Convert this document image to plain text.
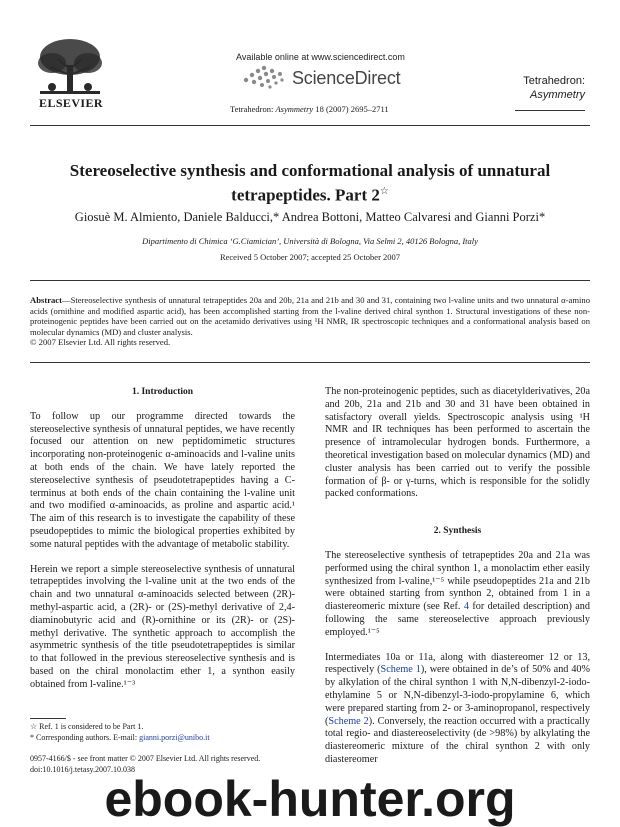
ELSEVIER
Available online at www.sciencedirect.com
ScienceDirect
Tetrahedron: Asymmetry 18 (2007) 2695–2711
Tetrahedron:
Asymmetry
Stereoselective synthesis and conformational analysis of unnatural
tetrapeptides. Part 2☆
Giosuè M. Almiento, Daniele Balducci,* Andrea Bottoni, Matteo Calvaresi and Gianni Porzi*
Dipartimento di Chimica ‘G.Ciamician’, Università di Bologna, Via Selmi 2, 40126 Bologna, Italy
Received 5 October 2007; accepted 25 October 2007
Abstract—Stereoselective synthesis of unnatural tetrapeptides 20a and 20b, 21a and 21b and 30 and 31, containing two l-valine units and two unnatural α-amino acids (ornithine and modified aspartic acid), has been accomplished starting from the l-valine derived chiral synthon 1. Structural investigations of these non-proteinogenic peptides have been carried out on the acetamido derivatives using ¹H NMR, IR spectroscopic techniques and a conformational analysis based on molecular dynamics (MD) and cluster analysis.
© 2007 Elsevier Ltd. All rights reserved.

1. Introduction

To follow up our programme directed towards the stereoselective synthesis of unnatural peptides, we have recently focused our attention on new peptidomimetic structures incorporating non-proteinogenic α-aminoacids and l-valine units at both ends of the chain. We have lately reported the stereoselective synthesis of pseudotetrapeptides having a C-terminus at both ends of the chain containing the l-valine unit and two modified α-aminoacids, as proline and aspartic acid.¹ The aim of this research is to investigate the capability of these pseudopeptides to mimic the biological properties exhibited by some natural peptides with the advantage of metabolic stability.

Herein we report a simple stereoselective synthesis of unnatural tetrapeptides involving the l-valine unit at the two ends of the chain and two unnatural α-aminoacids selected between (2R)-methyl-aspartic acid, a (2R)- or (2S)-methyl derivative of 2,4-diaminobutyric acid and (R)-ornithine or its (2R)- or (2S)-methyl derivative. The synthetic approach to accomplish the asymmetric synthesis of the title pseudotetrapeptides is similar to that followed in the previous stereoselective synthesis and is based on the chiral monolactim ether 1, a synthon easily obtained from l-valine.¹⁻³

The non-proteinogenic peptides, such as diacetylderivatives, 20a and 20b, 21a and 21b and 30 and 31 have been obtained in satisfactory overall yields. Spectroscopic analysis using ¹H NMR and IR techniques has been performed to ascertain the presence of intramolecular hydrogen bonds. Furthermore, a theoretical investigation based on molecular dynamics (MD) and cluster analysis has been carried out to verify the possible formation of β- or γ-turns, which is responsible for the solidly packed conformations.

2. Synthesis

The stereoselective synthesis of tetrapeptides 20a and 21a was performed using the chiral synthon 1, a monolactim ether easily synthesized from l-valine,¹⁻⁵ while pseudopeptides 21a and 21b were obtained starting from synthon 2, obtained from 1 in a diastereomeric mixture (see Ref. 4 for detailed description) and following the same stereoselective approach previously employed.¹⁻⁵

Intermediates 10a or 11a, along with diastereomer 12 or 13, respectively (Scheme 1), were obtained in de’s of 50% and 40% by alkylation of the chiral synthon 1 with N,N-dibenzyl-2-iodo-ethylamine 5 or N,N-dibenzyl-3-iodo-propylamine 6, which were prepared starting from 2- or 3-aminopropanol, respectively (Scheme 2). Conversely, the reaction occurred with a practically total regio- and diastereoselectivity (de >98%) by alkylating the diastereomeric mixture of the chiral synthon 2 with only diastereomer

☆ Ref. 1 is considered to be Part 1.
* Corresponding authors. E-mail: gianni.porzi@unibo.it
0957-4166/$ - see front matter © 2007 Elsevier Ltd. All rights reserved.
doi:10.1016/j.tetasy.2007.10.038
ebook-hunter.org
